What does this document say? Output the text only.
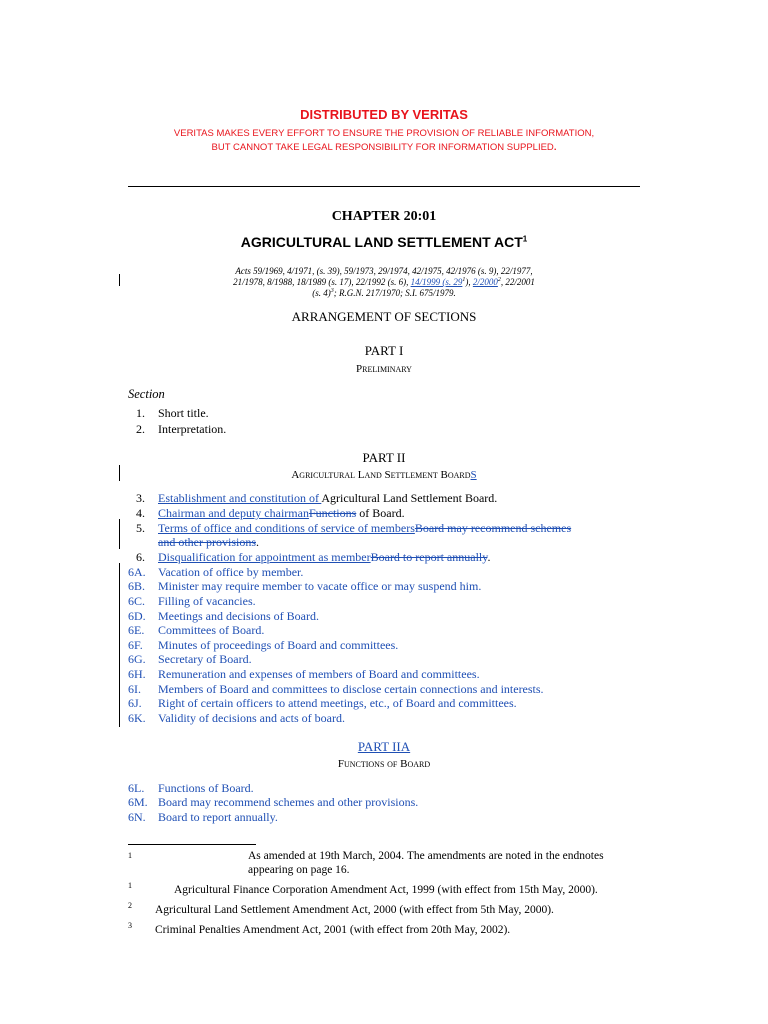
DISTRIBUTED BY VERITAS
VERITAS MAKES EVERY EFFORT TO ENSURE THE PROVISION OF RELIABLE INFORMATION,
BUT CANNOT TAKE LEGAL RESPONSIBILITY FOR INFORMATION SUPPLIED.
CHAPTER 20:01
AGRICULTURAL LAND SETTLEMENT ACT$^1$
Acts 59/1969, 4/1971, (s. 39), 59/1973, 29/1974, 42/1975, 42/1976 (s. 9), 22/1977,
21/1978, 8/1988, 18/1989 (s. 17), 22/1992 (s. 6), 14/1999 (s. $29^1$), 2/2000$^2$, 22/2001
(s. 4)$^3$; R.G.N. 217/1970; S.I. 675/1979.
ARRANGEMENT OF SECTIONS
PART I
Preliminary
Section
1. Short title.
2. Interpretation.
PART II
Agricultural Land Settlement BoardS
3. Establishment and constitution of Agricultural Land Settlement Board.
4. Chairman and deputy chairmanFunctions of Board.
5. Terms of office and conditions of service of membersBoard may recommend schemes
and other provisions.
6. Disqualification for appointment as memberBoard to report annually.
6A. Vacation of office by member.
6B. Minister may require member to vacate office or may suspend him.
6C. Filling of vacancies.
6D. Meetings and decisions of Board.
6E. Committees of Board.
6F. Minutes of proceedings of Board and committees.
6G. Secretary of Board.
6H. Remuneration and expenses of members of Board and committees.
6I. Members of Board and committees to disclose certain connections and interests.
6J. Right of certain officers to attend meetings, etc., of Board and committees.
6K. Validity of decisions and acts of board.
PART IIA
Functions of Board
6L. Functions of Board.
6M. Board may recommend schemes and other provisions.
6N. Board to report annually.
$^1$	As amended at 19th March, 2004. The amendments are noted in the endnotes
appearing on page 16.
$^1$	Agricultural Finance Corporation Amendment Act, 1999 (with effect from 15th May, 2000).
$^2$ Agricultural Land Settlement Amendment Act, 2000 (with effect from 5th May, 2000).
$^3$ Criminal Penalties Amendment Act, 2001 (with effect from 20th May, 2002).
